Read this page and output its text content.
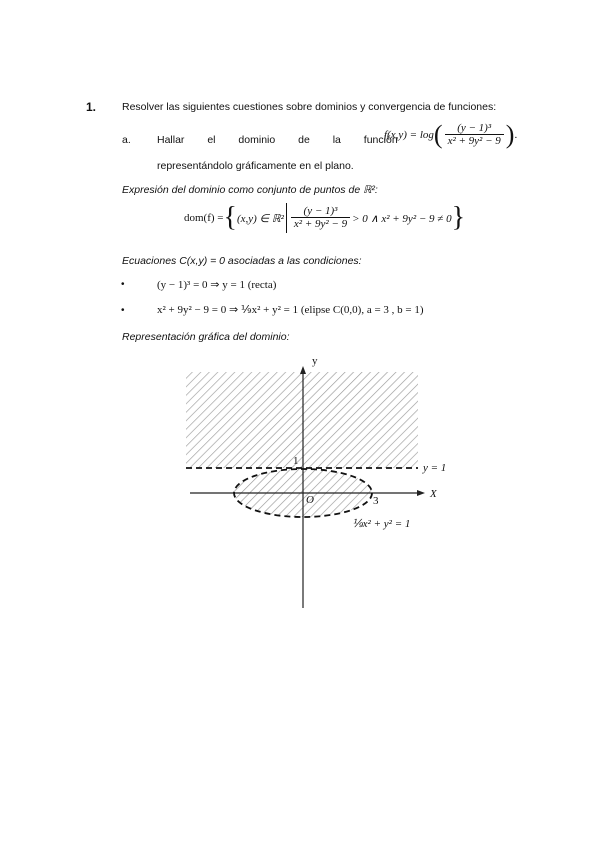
1. Resolver las siguientes cuestiones sobre dominios y convergencia de funciones:
a. Hallar el dominio de la función
f(x,y) = log ( $\frac{\text{(y − 1)³}}{\text{x² + 9y² − 9}}$ ) .
representándolo gráficamente en el plano.
Expresión del dominio como conjunto de puntos de ℝ²:
dom(f) = { (x,y) ∈ ℝ² $\frac{\text{(y − 1)³}}{\text{x² + 9y² − 9}} > 0$ ∧ x² + 9y² − 9 ≠ 0 }
Ecuaciones C(x,y) = 0 asociadas a las condiciones:
•	(y − 1)³ = 0 ⇒ y = 1 (recta)
•	x² + 9y² − 9 = 0 ⇒ ⅑x² + y² = 1 (elipse C(0,0), a = 3 , b = 1)
Representación gráfica del dominio:
y
X
O
1
3
y = 1
⅑x² + y² = 1
